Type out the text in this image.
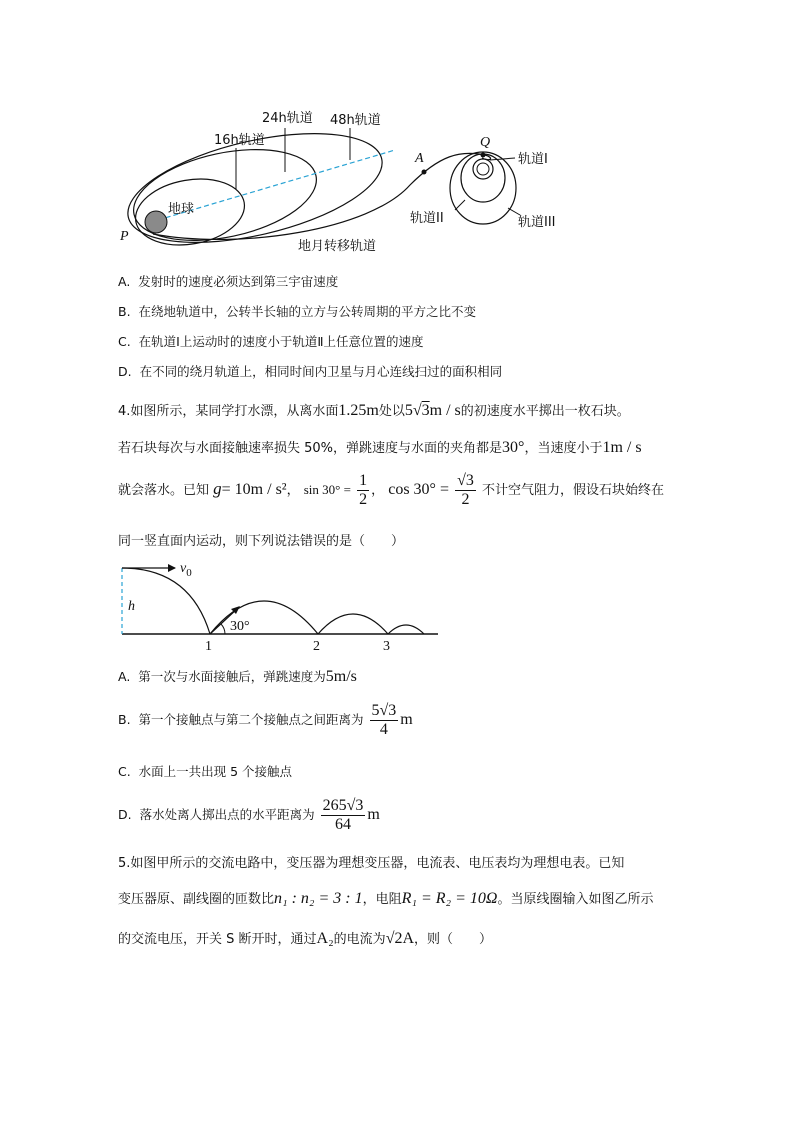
16h轨道
24h轨道 48h轨道
地球
地月转移轨道
P
A
Q
轨道I
轨道II	轨道III
A. 发射时的速度必须达到第三宇宙速度
B. 在绕地轨道中，公转半长轴的立方与公转周期的平方之比不变
C. 在轨道Ⅰ上运动时的速度小于轨道Ⅱ上任意位置的速度
D. 在不同的绕月轨道上，相同时间内卫星与月心连线扫过的面积相同
4.如图所示，某同学打水漂，从离水面1.25m处以5√3m / s的初速度水平掷出一枚石块。
若石块每次与水面接触速率损失 50%，弹跳速度与水面的夹角都是30°，当速度小于1m / s
就会落水。已知 g= 10m / s²， $\sin 30^\circ = \frac{1}{2}$ ， $\cos 30^\circ = \frac{√3}{2}$ 不计空气阻力，假设石块始终在
同一竖直面内运动，则下列说法错误的是（　　）
$v_0$
h
30°
1	2	3
A. 第一次与水面接触后，弹跳速度为5m/s
B. 第一个接触点与第二个接触点之间距离为 $\frac{5√3}{4}$ m
C. 水面上一共出现 5 个接触点
D. 落水处离人掷出点的水平距离为 $\frac{265√3}{64}$ m
5.如图甲所示的交流电路中，变压器为理想变压器，电流表、电压表均为理想电表。已知
变压器原、副线圈的匝数比n₁ : n₂ = 3 : 1，电阻R₁ = R₂ = 10Ω。当原线圈输入如图乙所示
的交流电压，开关 S 断开时，通过A₂的电流为√2A，则（　　）
